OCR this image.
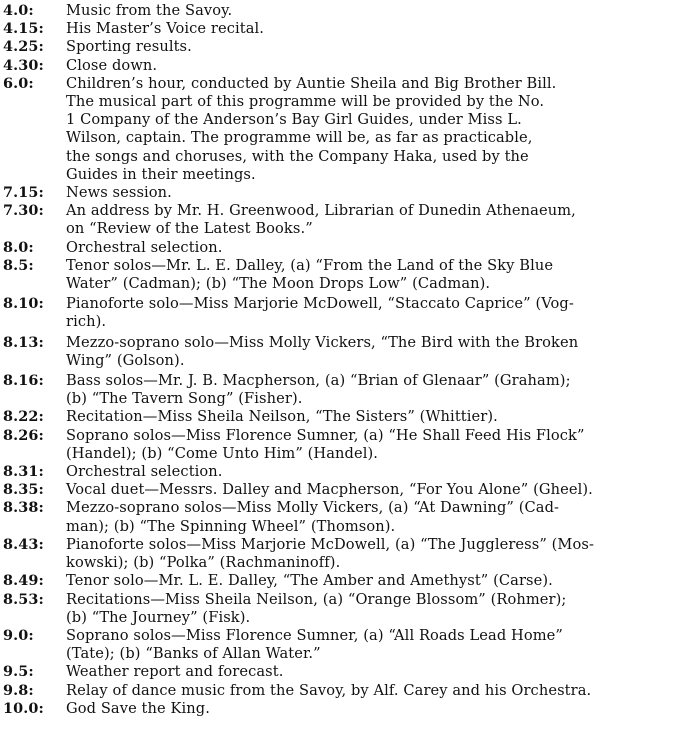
4.0:	Music from the Savoy.
4.15:	His Master’s Voice recital.
4.25:	Sporting results.
4.30:	Close down.
6.0:	Children’s hour, conducted by Auntie Sheila and Big Brother Bill.
The musical part of this programme will be provided by the No.
1 Company of the Anderson’s Bay Girl Guides, under Miss L.
Wilson, captain. The programme will be, as far as practicable,
the songs and choruses, with the Company Haka, used by the
Guides in their meetings.
7.15:	News session.
7.30:	An address by Mr. H. Greenwood, Librarian of Dunedin Athenaeum,
on “Review of the Latest Books.”
8.0:	Orchestral selection.
8.5:	Tenor solos—Mr. L. E. Dalley, (a) “From the Land of the Sky Blue
Water” (Cadman); (b) “The Moon Drops Low” (Cadman).
8.10:	Pianoforte solo—Miss Marjorie McDowell, “Staccato Caprice” (Vog-
rich).
8.13:	Mezzo-soprano solo—Miss Molly Vickers, “The Bird with the Broken
Wing” (Golson).
8.16:	Bass solos—Mr. J. B. Macpherson, (a) “Brian of Glenaar” (Graham);
(b) “The Tavern Song” (Fisher).
8.22:	Recitation—Miss Sheila Neilson, “The Sisters” (Whittier).
8.26:	Soprano solos—Miss Florence Sumner, (a) “He Shall Feed His Flock”
(Handel); (b) “Come Unto Him” (Handel).
8.31:	Orchestral selection.
8.35:	Vocal duet—Messrs. Dalley and Macpherson, “For You Alone” (Gheel).
8.38:	Mezzo-soprano solos—Miss Molly Vickers, (a) “At Dawning” (Cad-
man); (b) “The Spinning Wheel” (Thomson).
8.43:	Pianoforte solos—Miss Marjorie McDowell, (a) “The Juggleress” (Mos-
kowski); (b) “Polka” (Rachmaninoff).
8.49:	Tenor solo—Mr. L. E. Dalley, “The Amber and Amethyst” (Carse).
8.53:	Recitations—Miss Sheila Neilson, (a) “Orange Blossom” (Rohmer);
(b) “The Journey” (Fisk).
9.0:	Soprano solos—Miss Florence Sumner, (a) “All Roads Lead Home”
(Tate); (b) “Banks of Allan Water.”
9.5:	Weather report and forecast.
9.8:	Relay of dance music from the Savoy, by Alf. Carey and his Orchestra.
10.0:	God Save the King.
